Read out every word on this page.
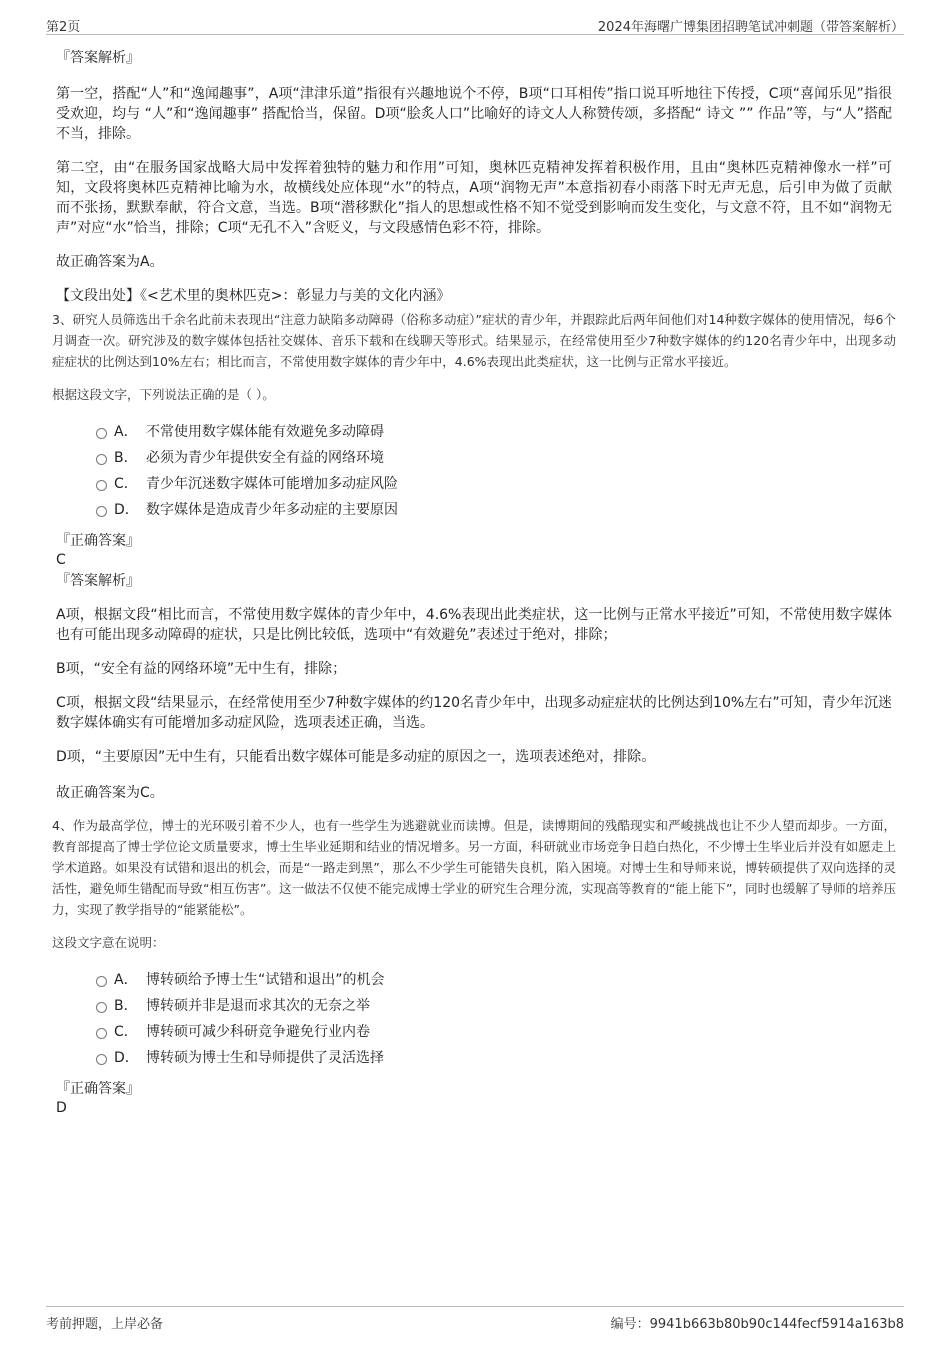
第2页	2024年海曙广博集团招聘笔试冲刺题（带答案解析）

『答案解析』

第一空，搭配“人”和“逸闻趣事”，A项“津津乐道”指很有兴趣地说个不停，B项“口耳相传”指口说耳听地往下传授，C项“喜闻乐见”指很受欢迎，均与 “人”和“逸闻趣事” 搭配恰当，保留。D项“脍炙人口”比喻好的诗文人人称赞传颂，多搭配“ 诗文 ”” 作品”等，与“人”搭配不当，排除。

第二空，由“在服务国家战略大局中发挥着独特的魅力和作用”可知，奥林匹克精神发挥着积极作用，且由“奥林匹克精神像水一样”可知，文段将奥林匹克精神比喻为水，故横线处应体现“水”的特点，A项“润物无声”本意指初春小雨落下时无声无息，后引申为做了贡献而不张扬，默默奉献，符合文意，当选。B项“潜移默化”指人的思想或性格不知不觉受到影响而发生变化，与文意不符，且不如“润物无声”对应“水”恰当，排除；C项“无孔不入”含贬义，与文段感情色彩不符，排除。

故正确答案为A。

【文段出处】《<艺术里的奥林匹克>：彰显力与美的文化内涵》

3、研究人员筛选出千余名此前未表现出“注意力缺陷多动障碍（俗称多动症）”症状的青少年，并跟踪此后两年间他们对14种数字媒体的使用情况，每6个月调查一次。研究涉及的数字媒体包括社交媒体、音乐下载和在线聊天等形式。结果显示，在经常使用至少7种数字媒体的约120名青少年中，出现多动症症状的比例达到10%左右；相比而言，不常使用数字媒体的青少年中，4.6%表现出此类症状，这一比例与正常水平接近。

根据这段文字，下列说法正确的是（ ）。

A． 不常使用数字媒体能有效避免多动障碍
B． 必须为青少年提供安全有益的网络环境
C． 青少年沉迷数字媒体可能增加多动症风险
D． 数字媒体是造成青少年多动症的主要原因

『正确答案』

C

『答案解析』

A项，根据文段“相比而言，不常使用数字媒体的青少年中，4.6%表现出此类症状，这一比例与正常水平接近”可知，不常使用数字媒体也有可能出现多动障碍的症状，只是比例比较低，选项中“有效避免”表述过于绝对，排除；

B项，“安全有益的网络环境”无中生有，排除；

C项，根据文段“结果显示，在经常使用至少7种数字媒体的约120名青少年中，出现多动症症状的比例达到10%左右”可知，青少年沉迷数字媒体确实有可能增加多动症风险，选项表述正确，当选。

D项，“主要原因”无中生有，只能看出数字媒体可能是多动症的原因之一，选项表述绝对，排除。

故正确答案为C。

4、作为最高学位，博士的光环吸引着不少人，也有一些学生为逃避就业而读博。但是，读博期间的残酷现实和严峻挑战也让不少人望而却步。一方面，教育部提高了博士学位论文质量要求，博士生毕业延期和结业的情况增多。另一方面，科研就业市场竞争日趋白热化，不少博士生毕业后并没有如愿走上学术道路。如果没有试错和退出的机会，而是“一路走到黑”，那么不少学生可能错失良机，陷入困境。对博士生和导师来说，博转硕提供了双向选择的灵活性，避免师生错配而导致“相互伤害”。这一做法不仅使不能完成博士学业的研究生合理分流，实现高等教育的“能上能下”，同时也缓解了导师的培养压力，实现了教学指导的“能紧能松”。

这段文字意在说明：

A． 博转硕给予博士生“试错和退出”的机会
B． 博转硕并非是退而求其次的无奈之举
C． 博转硕可减少科研竞争避免行业内卷
D． 博转硕为博士生和导师提供了灵活选择

『正确答案』

D

考前押题，上岸必备	编号：9941b663b80b90c144fecf5914a163b8
